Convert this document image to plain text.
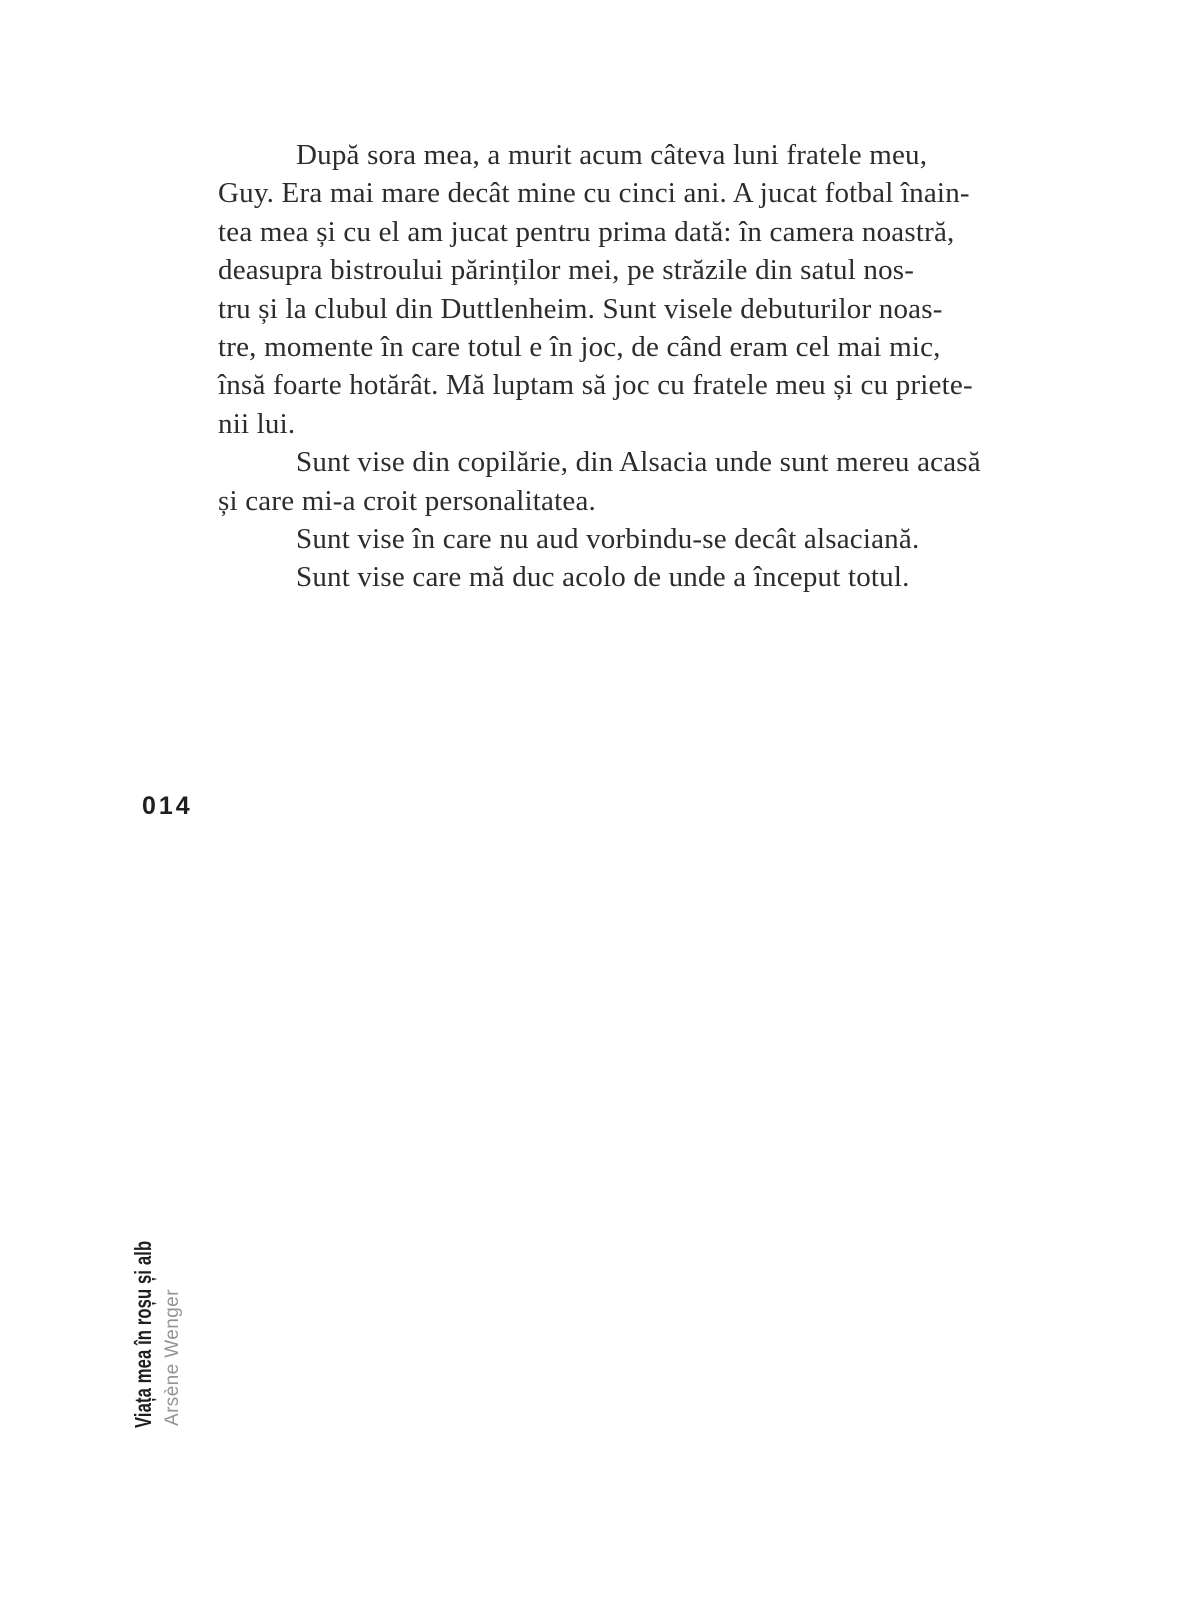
După sora mea, a murit acum câteva luni fratele meu,
Guy. Era mai mare decât mine cu cinci ani. A jucat fotbal înain-
tea mea și cu el am jucat pentru prima dată: în camera noastră,
deasupra bistroului părinților mei, pe străzile din satul nos-
tru și la clubul din Duttlenheim. Sunt visele debuturilor noas-
tre, momente în care totul e în joc, de când eram cel mai mic,
însă foarte hotărât. Mă luptam să joc cu fratele meu și cu priete-
nii lui.
Sunt vise din copilărie, din Alsacia unde sunt mereu acasă
și care mi-a croit personalitatea.
Sunt vise în care nu aud vorbindu-se decât alsaciană.
Sunt vise care mă duc acolo de unde a început totul.
014
Viața mea în roșu și alb Arsène Wenger
